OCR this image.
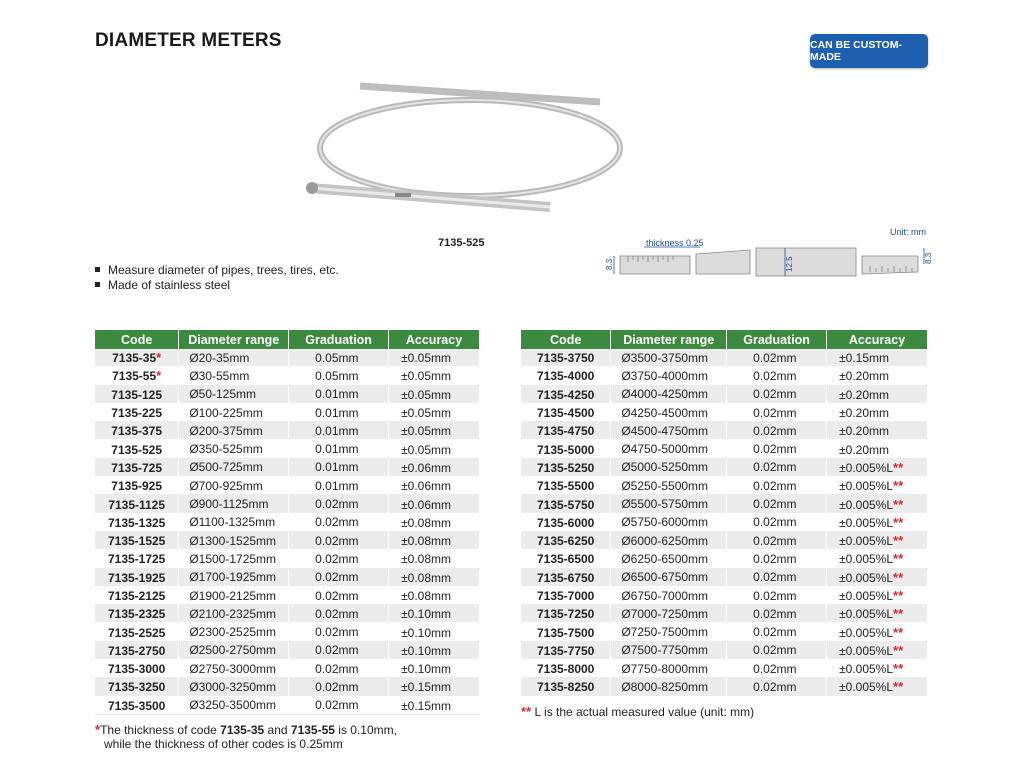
DIAMETER METERS	CAN BE CUSTOM-MADE
7135-525
Unit: mm
thickness 0.25
8.3	12.5	8.3
Measure diameter of pipes, trees, tires, etc.
Made of stainless steel
Code	Diameter range	Graduation	Accuracy
7135-35*	Ø20-35mm	0.05mm	±0.05mm
7135-55*	Ø30-55mm	0.05mm	±0.05mm
7135-125	Ø50-125mm	0.01mm	±0.05mm
7135-225	Ø100-225mm	0.01mm	±0.05mm
7135-375	Ø200-375mm	0.01mm	±0.05mm
7135-525	Ø350-525mm	0.01mm	±0.05mm
7135-725	Ø500-725mm	0.01mm	±0.06mm
7135-925	Ø700-925mm	0.01mm	±0.06mm
7135-1125	Ø900-1125mm	0.02mm	±0.06mm
7135-1325	Ø1100-1325mm	0.02mm	±0.08mm
7135-1525	Ø1300-1525mm	0.02mm	±0.08mm
7135-1725	Ø1500-1725mm	0.02mm	±0.08mm
7135-1925	Ø1700-1925mm	0.02mm	±0.08mm
7135-2125	Ø1900-2125mm	0.02mm	±0.08mm
7135-2325	Ø2100-2325mm	0.02mm	±0.10mm
7135-2525	Ø2300-2525mm	0.02mm	±0.10mm
7135-2750	Ø2500-2750mm	0.02mm	±0.10mm
7135-3000	Ø2750-3000mm	0.02mm	±0.10mm
7135-3250	Ø3000-3250mm	0.02mm	±0.15mm
7135-3500	Ø3250-3500mm	0.02mm	±0.15mm
Code	Diameter range	Graduation	Accuracy
7135-3750	Ø3500-3750mm	0.02mm	±0.15mm
7135-4000	Ø3750-4000mm	0.02mm	±0.20mm
7135-4250	Ø4000-4250mm	0.02mm	±0.20mm
7135-4500	Ø4250-4500mm	0.02mm	±0.20mm
7135-4750	Ø4500-4750mm	0.02mm	±0.20mm
7135-5000	Ø4750-5000mm	0.02mm	±0.20mm
7135-5250	Ø5000-5250mm	0.02mm	±0.005%L**
7135-5500	Ø5250-5500mm	0.02mm	±0.005%L**
7135-5750	Ø5500-5750mm	0.02mm	±0.005%L**
7135-6000	Ø5750-6000mm	0.02mm	±0.005%L**
7135-6250	Ø6000-6250mm	0.02mm	±0.005%L**
7135-6500	Ø6250-6500mm	0.02mm	±0.005%L**
7135-6750	Ø6500-6750mm	0.02mm	±0.005%L**
7135-7000	Ø6750-7000mm	0.02mm	±0.005%L**
7135-7250	Ø7000-7250mm	0.02mm	±0.005%L**
7135-7500	Ø7250-7500mm	0.02mm	±0.005%L**
7135-7750	Ø7500-7750mm	0.02mm	±0.005%L**
7135-8000	Ø7750-8000mm	0.02mm	±0.005%L**
7135-8250	Ø8000-8250mm	0.02mm	±0.005%L**
*The thickness of code 7135-35 and 7135-55 is 0.10mm,
while the thickness of other codes is 0.25mm
** L is the actual measured value (unit: mm)
